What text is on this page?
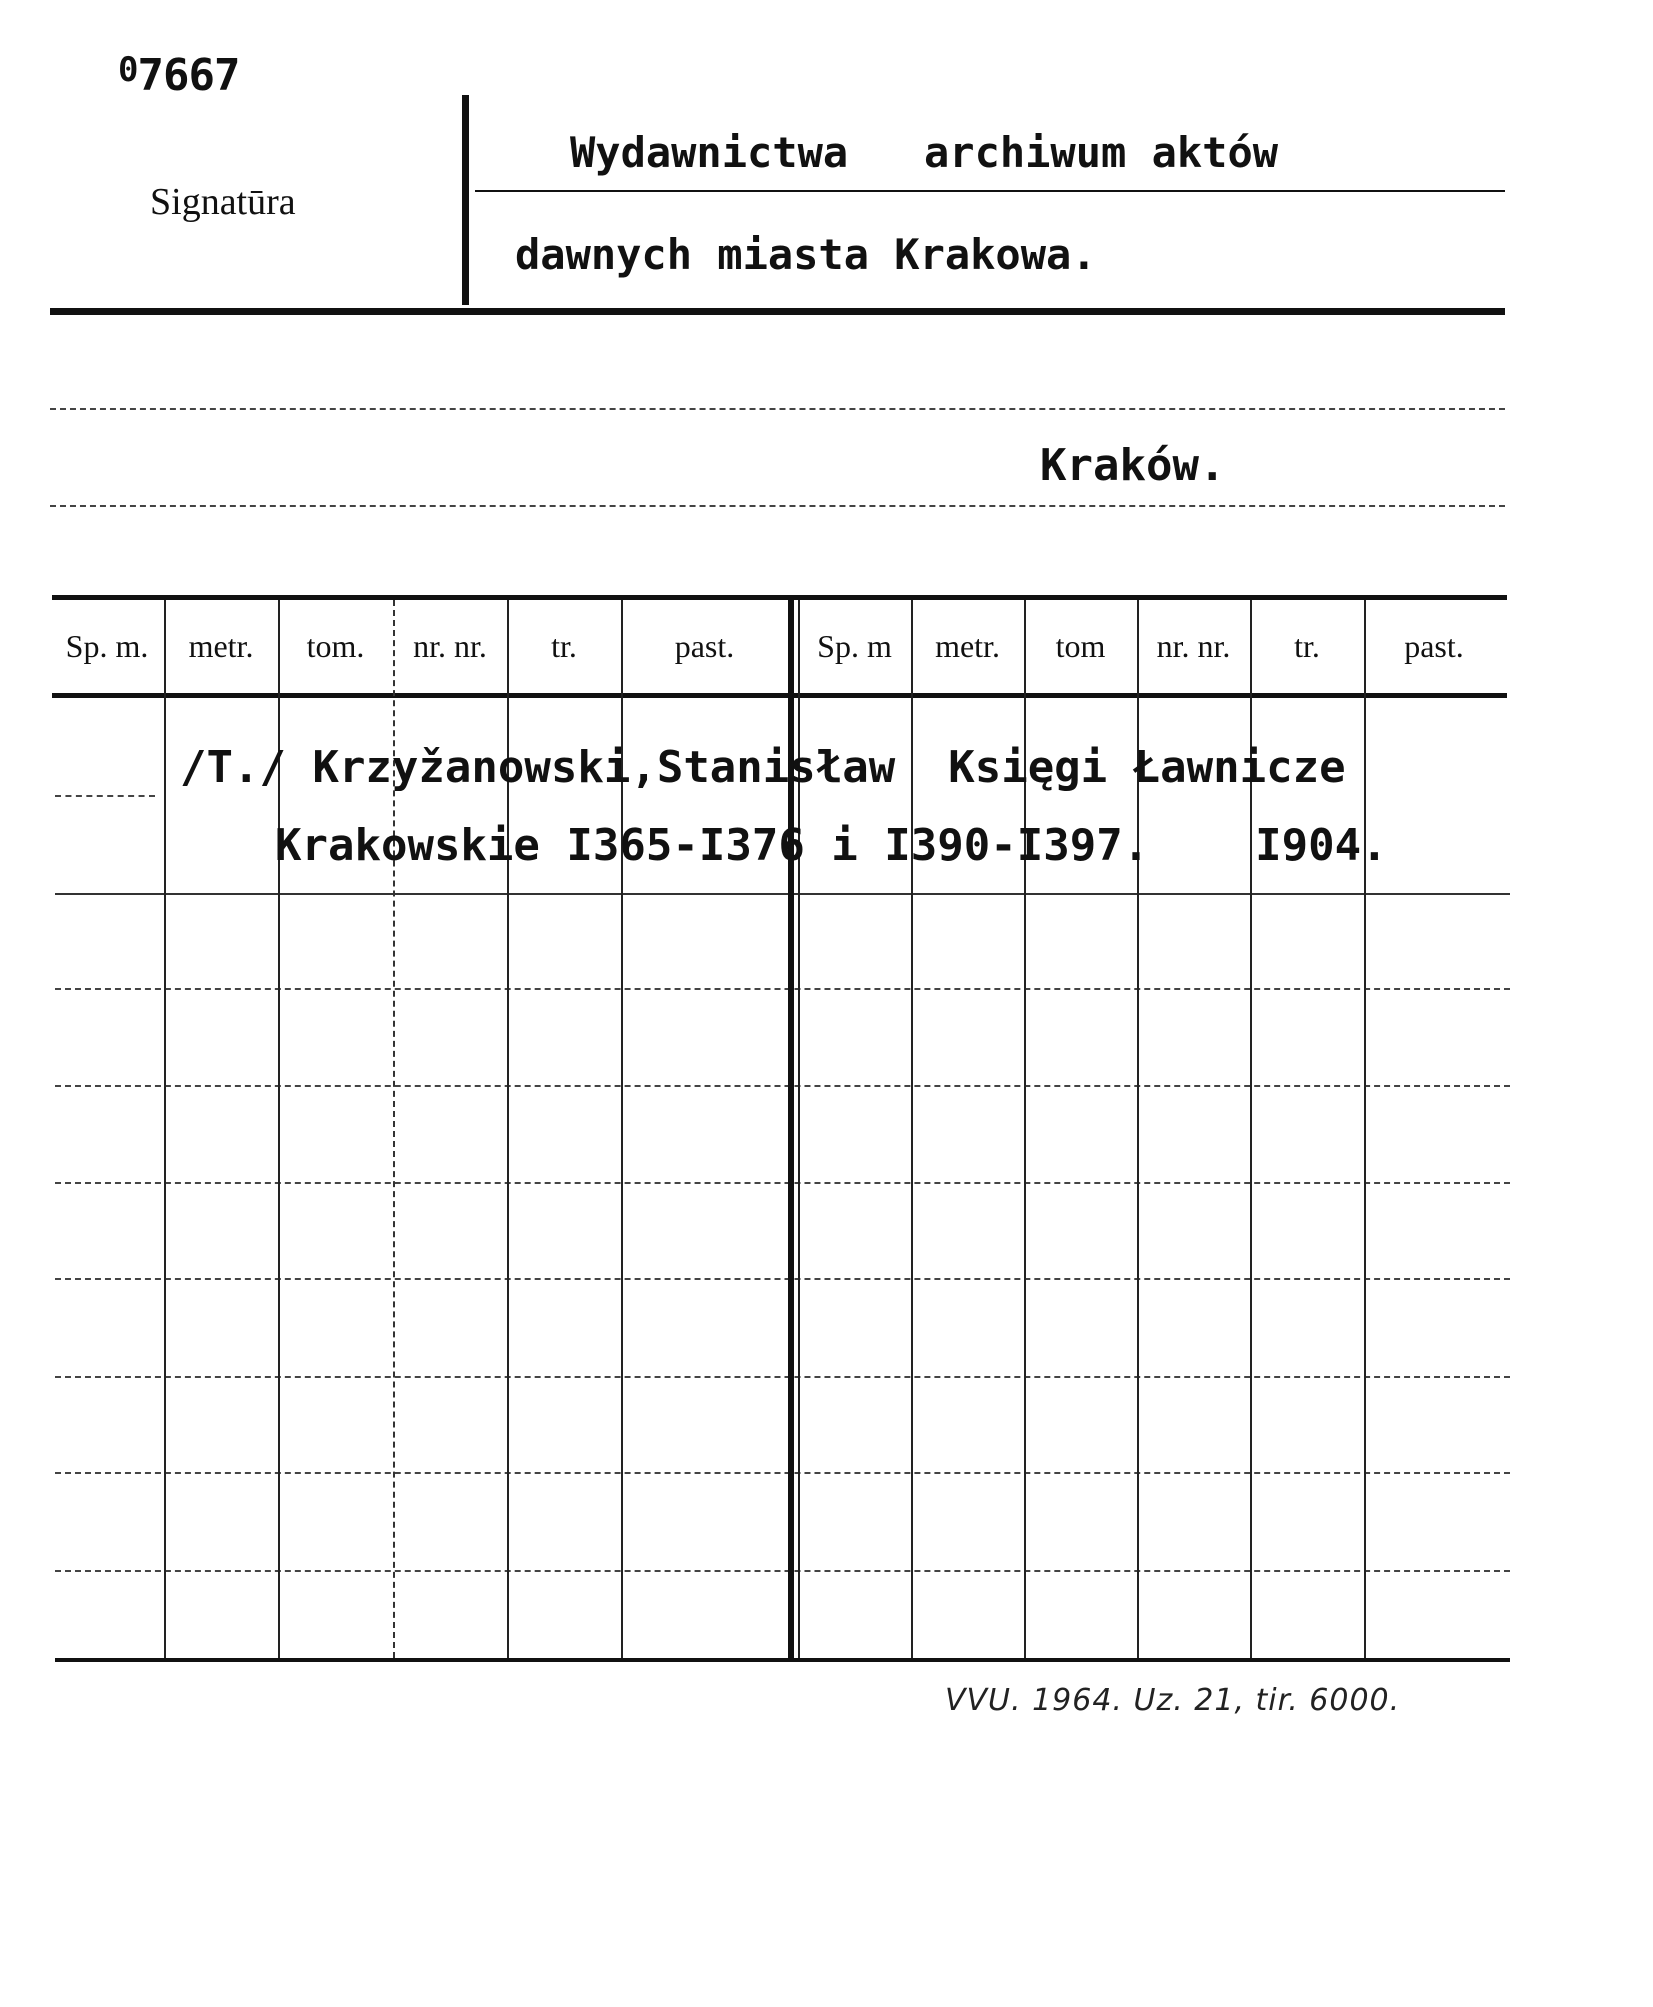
$^0$7667
Signatūra
Wydawnictwa   archiwum aktów
dawnych miasta Krakowa.
Kraków.
Sp. m.	metr.	tom.	nr. nr.	tr.	past.	Sp. m	metr.	tom	nr. nr.	tr.	past.
/T./ Krzyžanowski,Stanisław  Księgi Ławnicze
Krakowskie I365-I376 i I390-I397.    I904.
VVU. 1964. Uz. 21, tir. 6000.
